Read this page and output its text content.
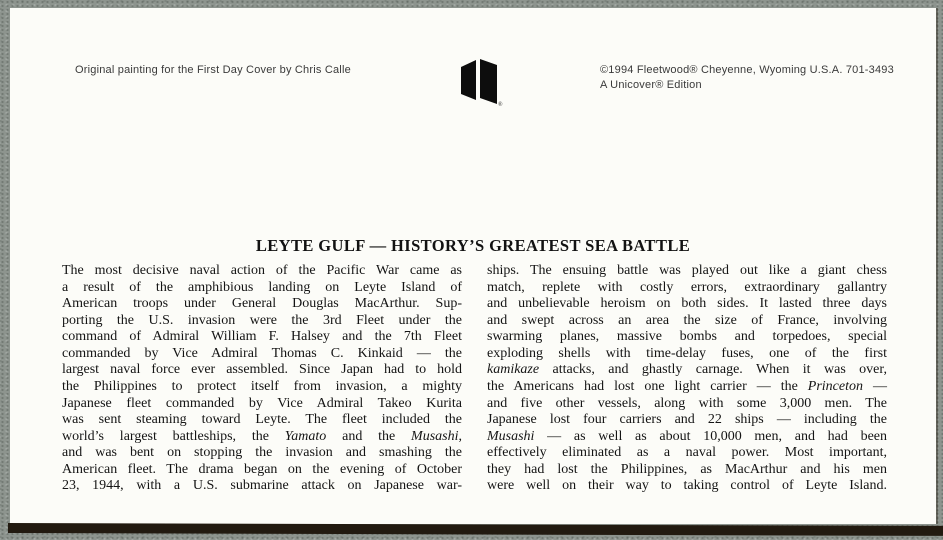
Original painting for the First Day Cover by Chris Calle
®
©1994 Fleetwood® Cheyenne, Wyoming U.S.A. 701-3493
A Unicover® Edition
LEYTE GULF — HISTORY’S GREATEST SEA BATTLE
The most decisive naval action of the Pacific War came as
a result of the amphibious landing on Leyte Island of
American troops under General Douglas MacArthur. Sup-
porting the U.S. invasion were the 3rd Fleet under the
command of Admiral William F. Halsey and the 7th Fleet
commanded by Vice Admiral Thomas C. Kinkaid — the
largest naval force ever assembled. Since Japan had to hold
the Philippines to protect itself from invasion, a mighty
Japanese fleet commanded by Vice Admiral Takeo Kurita
was sent steaming toward Leyte. The fleet included the
world’s largest battleships, the Yamato and the Musashi,
and was bent on stopping the invasion and smashing the
American fleet. The drama began on the evening of October
23, 1944, with a U.S. submarine attack on Japanese war-
ships. The ensuing battle was played out like a giant chess
match, replete with costly errors, extraordinary gallantry
and unbelievable heroism on both sides. It lasted three days
and swept across an area the size of France, involving
swarming planes, massive bombs and torpedoes, special
exploding shells with time-delay fuses, one of the first
kamikaze attacks, and ghastly carnage. When it was over,
the Americans had lost one light carrier — the Princeton —
and five other vessels, along with some 3,000 men. The
Japanese lost four carriers and 22 ships — including the
Musashi — as well as about 10,000 men, and had been
effectively eliminated as a naval power. Most important,
they had lost the Philippines, as MacArthur and his men
were well on their way to taking control of Leyte Island.
